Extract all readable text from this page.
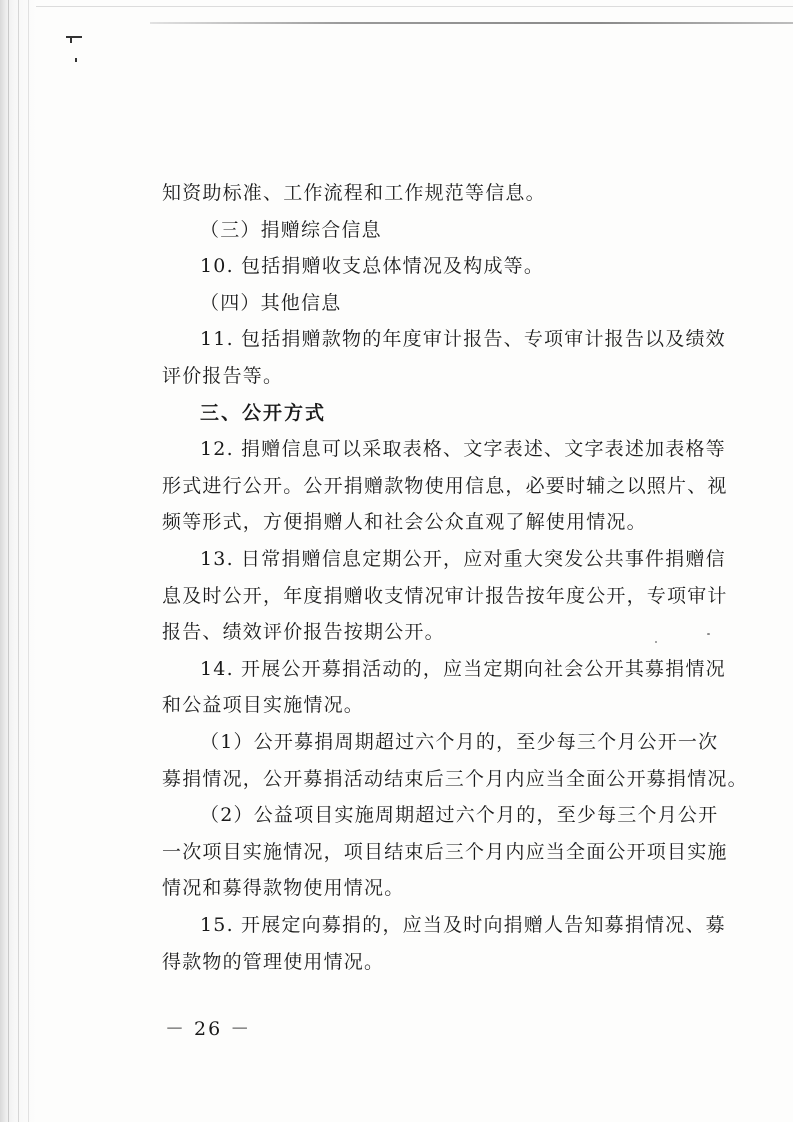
知资助标准、工作流程和工作规范等信息。
（三）捐赠综合信息
10. 包括捐赠收支总体情况及构成等。
（四）其他信息
11. 包括捐赠款物的年度审计报告、专项审计报告以及绩效
评价报告等。
三、公开方式
12. 捐赠信息可以采取表格、文字表述、文字表述加表格等
形式进行公开。公开捐赠款物使用信息，必要时辅之以照片、视
频等形式，方便捐赠人和社会公众直观了解使用情况。
13. 日常捐赠信息定期公开，应对重大突发公共事件捐赠信
息及时公开，年度捐赠收支情况审计报告按年度公开，专项审计
报告、绩效评价报告按期公开。
14. 开展公开募捐活动的，应当定期向社会公开其募捐情况
和公益项目实施情况。
（1）公开募捐周期超过六个月的，至少每三个月公开一次
募捐情况，公开募捐活动结束后三个月内应当全面公开募捐情况。
（2）公益项目实施周期超过六个月的，至少每三个月公开
一次项目实施情况，项目结束后三个月内应当全面公开项目实施
情况和募得款物使用情况。
15. 开展定向募捐的，应当及时向捐赠人告知募捐情况、募
得款物的管理使用情况。
－ 26 －
